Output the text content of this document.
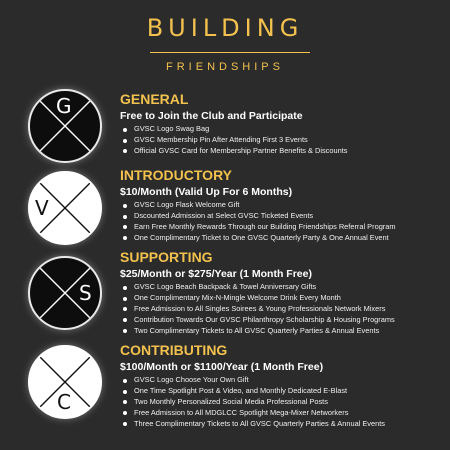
BUILDING
FRIENDSHIPS
G	GENERAL
Free to Join the Club and Participate
GVSC Logo Swag Bag
GVSC Membership Pin After Attending First 3 Events
Official GVSC Card for Membership Partner Benefits & Discounts
V
INTRODUCTORY
$10/Month (Valid Up For 6 Months)
GVSC Logo Flask Welcome Gift
Dscounted Admission at Select GVSC Ticketed Events
Earn Free Monthly Rewards Through our Building Friendships Referral Program
One Complimentary Ticket to One GVSC Quarterly Party & One Annual Event
S
SUPPORTING
$25/Month or $275/Year (1 Month Free)
GVSC Logo Beach Backpack & Towel Anniversary Gifts
One Complimentary Mix-N-Mingle Welcome Drink Every Month
Free Admission to All Singles Soirees & Young Professionals Network Mixers
Contribution Towards Our GVSC Philanthropy Scholarship & Housing Programs
Two Complimentary Tickets to All GVSC Quarterly Parties & Annual Events
C
CONTRIBUTING
$100/Month or $1100/Year (1 Month Free)
GVSC Logo Choose Your Own Gift
One Time Spotlight Post & Video, and Monthly Dedicated E-Blast
Two Monthly Personalized Social Media Professional Posts
Free Admission to All MDGLCC Spotlight Mega-Mixer Networkers
Three Complimentary Tickets to All GVSC Quarterly Parties & Annual Events
